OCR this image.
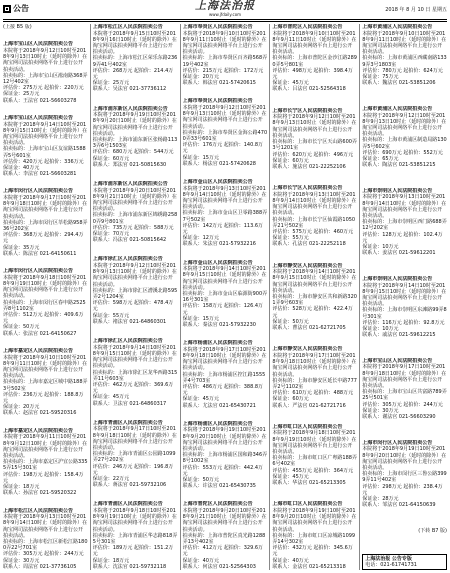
公告	上海法治报
www.jfdaily.com
2018 年 8 月 10 日 星期五
(上接 B5 版)
上海市宝山区人民法院拍卖公告

本院将于2018年9月12日10时至2018年9月13日10时止（延时的除外）在淘宝网司法拍卖网络平台上进行公开拍卖活动。

拍卖标的：上海市宝山区淞南路368弄12号402室

评估价：275万元 起拍价：220万元

保证金：25万元

联系人：王法官 021-56603278

上海市宝山区人民法院拍卖公告

本院将于2018年9月14日10时至2018年9月15日10时止（延时的除外）在淘宝网司法拍卖网络平台上进行公开拍卖活动。

拍卖标的：上海市宝山区友谊路1588弄5号601室

评估价：420万元 起拍价：336万元

保证金：40万元

联系人：李法官 021-56603281

上海市闵行区人民法院拍卖公告

本院将于2018年9月17日10时至2018年9月18日10时止（延时的除外）在淘宝网司法拍卖网络平台上进行公开拍卖活动。

拍卖标的：上海市闵行区莘松路958弄36号202室

评估价：368万元 起拍价：294.4万元

保证金：35万元

联系人：陈法官 021-64150611

上海市闵行区人民法院拍卖公告

本院将于2018年9月18日10时至2018年9月19日10时止（延时的除外）在淘宝网司法拍卖网络平台上进行公开拍卖活动。

拍卖标的：上海市闵行区春申路2525弄8号1102室

评估价：512万元 起拍价：409.6万元

保证金：50万元

联系人：张法官 021-64150627

上海市嘉定区人民法院拍卖公告

本院将于2018年9月10日10时至2018年9月11日10时止（延时的除外）在淘宝网司法拍卖网络平台上进行公开拍卖活动。

拍卖标的：上海市嘉定区城中路188弄3号502室

评估价：236万元 起拍价：188.8万元

保证金：20万元

联系人：赵法官 021-59520316

上海市嘉定区人民法院拍卖公告

本院将于2018年9月11日10时至2018年9月12日10时止（延时的除外）在淘宝网司法拍卖网络平台上进行公开拍卖活动。

拍卖标的：上海市嘉定区沪宜公路3355弄15号301室

评估价：198万元 起拍价：158.4万元

保证金：18万元

联系人：孙法官 021-59520322

上海市松江区人民法院拍卖公告

本院将于2018年9月13日10时至2018年9月14日10时止（延时的除外）在淘宝网司法拍卖网络平台上进行公开拍卖活动。

拍卖标的：上海市松江区新松江路1800弄22号701室

评估价：305万元 起拍价：244万元

保证金：30万元

联系人：周法官 021-37736105

上海市松江区人民法院拍卖公告

本院将于2018年9月15日10时至2018年9月16日10时止（延时的除外）在淘宝网司法拍卖网络平台上进行公开拍卖活动。

拍卖标的：上海市松江区荣乐东路2369弄41号402室

评估价：268万元 起拍价：214.4万元

保证金：25万元

联系人：吴法官 021-37736112

上海市浦东新区人民法院拍卖公告

本院将于2018年9月19日10时至2018年9月20日10时止（延时的除外）在淘宝网司法拍卖网络平台上进行公开拍卖活动。

拍卖标的：上海市浦东新区张杨路1133弄6号1503室

评估价：680万元 起拍价：544万元

保证金：60万元

联系人：郑法官 021-50815630

上海市浦东新区人民法院拍卖公告

本院将于2018年9月20日10时至2018年9月21日10时止（延时的除外）在淘宝网司法拍卖网络平台上进行公开拍卖活动。

拍卖标的：上海市浦东新区锦绣路2580弄9号801室

评估价：735万元 起拍价：588万元

保证金：70万元

联系人：冯法官 021-50815642

上海市徐汇区人民法院拍卖公告

本院将于2018年9月12日10时至2018年9月13日10时止（延时的除外）在淘宝网司法拍卖网络平台上进行公开拍卖活动。

拍卖标的：上海市徐汇区漕溪北路595弄2号1204室

评估价：598万元 起拍价：478.4万元

保证金：55万元

联系人：褚法官 021-64860301

上海市徐汇区人民法院拍卖公告

本院将于2018年9月14日10时至2018年9月15日10时止（延时的除外）在淘宝网司法拍卖网络平台上进行公开拍卖活动。

拍卖标的：上海市徐汇区龙华西路315弄11号603室

评估价：462万元 起拍价：369.6万元

保证金：45万元

联系人：卫法官 021-64860317

上海市青浦区人民法院拍卖公告

本院将于2018年9月17日10时至2018年9月18日10时止（延时的除外）在淘宝网司法拍卖网络平台上进行公开拍卖活动。

拍卖标的：上海市青浦区公园路1099弄27号202室

评估价：246万元 起拍价：196.8万元

保证金：22万元

联系人：蒋法官 021-59732106

上海市青浦区人民法院拍卖公告

本院将于2018年9月18日10时至2018年9月19日10时止（延时的除外）在淘宝网司法拍卖网络平台上进行公开拍卖活动。

拍卖标的：上海市青浦区华志路818弄5号301室

评估价：189万元 起拍价：151.2万元

保证金：18万元

联系人：沈法官 021-59732118

上海市奉贤区人民法院拍卖公告

本院将于2018年9月10日10时至2018年9月11日10时止（延时的除外）在淘宝网司法拍卖网络平台上进行公开拍卖活动。

拍卖标的：上海市奉贤区百齐路568弄19号402室

评估价：215万元 起拍价：172万元

保证金：20万元

联系人：韩法官 021-57420615

上海市奉贤区人民法院拍卖公告

本院将于2018年9月12日10时至2018年9月13日10时止（延时的除外）在淘宝网司法拍卖网络平台上进行公开拍卖活动。

拍卖标的：上海市奉贤区金海公路4700弄33号601室

评估价：176万元 起拍价：140.8万元

保证金：15万元

联系人：杨法官 021-57420628

上海市金山区人民法院拍卖公告

本院将于2018年9月13日10时至2018年9月14日10时止（延时的除外）在淘宝网司法拍卖网络平台上进行公开拍卖活动。

拍卖标的：上海市金山区卫零路388弄7号502室

评估价：142万元 起拍价：113.6万元

保证金：12万元

联系人：朱法官 021-57932216

上海市金山区人民法院拍卖公告

本院将于2018年9月14日10时至2018年9月15日10时止（延时的除外）在淘宝网司法拍卖网络平台上进行公开拍卖活动。

拍卖标的：上海市金山区临源街900弄16号301室

评估价：158万元 起拍价：126.4万元

保证金：15万元

联系人：秦法官 021-57932230

上海市杨浦区人民法院拍卖公告

本院将于2018年9月17日10时至2018年9月18日10时止（延时的除外）在淘宝网司法拍卖网络平台上进行公开拍卖活动。

拍卖标的：上海市杨浦区控江路1555弄4号703室

评估价：486万元 起拍价：388.8万元

保证金：45万元

联系人：尤法官 021-65430721

上海市杨浦区人民法院拍卖公告

本院将于2018年9月19日10时至2018年9月20日10时止（延时的除外）在淘宝网司法拍卖网络平台上进行公开拍卖活动。

拍卖标的：上海市杨浦区国和路346弄8号1002室

评估价：553万元 起拍价：442.4万元

保证金：50万元

联系人：许法官 021-65430735

上海市普陀区人民法院拍卖公告

本院将于2018年9月20日10时至2018年9月21日10时止（延时的除外）在淘宝网司法拍卖网络平台上进行公开拍卖活动。

拍卖标的：上海市普陀区真光路1288弄13号402室

评估价：412万元 起拍价：329.6万元

保证金：40万元

联系人：何法官 021-52564303

上海市普陀区人民法院拍卖公告

本院将于2018年9月10日10时至2018年9月11日10时止（延时的除外）在淘宝网司法拍卖网络平台上进行公开拍卖活动。

拍卖标的：上海市普陀区金沙江路2890弄5号801室

评估价：498万元 起拍价：398.4万元

保证金：45万元

联系人：吕法官 021-52564318

上海市长宁区人民法院拍卖公告

本院将于2018年9月12日10时至2018年9月13日10时止（延时的除外）在淘宝网司法拍卖网络平台上进行公开拍卖活动。

拍卖标的：上海市长宁区天山路600弄3号1201室

评估价：620万元 起拍价：496万元

保证金：60万元

联系人：施法官 021-22252106

上海市长宁区人民法院拍卖公告

本院将于2018年9月13日10时至2018年9月14日10时止（延时的除外）在淘宝网司法拍卖网络平台上进行公开拍卖活动。

拍卖标的：上海市长宁区仙霞路1050弄21号502室

评估价：575万元 起拍价：460万元

保证金：55万元

联系人：孔法官 021-22252118

上海市静安区人民法院拍卖公告

本院将于2018年9月14日10时至2018年9月15日10时止（延时的除外）在淘宝网司法拍卖网络平台上进行公开拍卖活动。

拍卖标的：上海市静安区共和新路3201弄9号603室

评估价：528万元 起拍价：422.4万元

保证金：50万元

联系人：曹法官 021-62721705

上海市静安区人民法院拍卖公告

本院将于2018年9月17日10时至2018年9月18日10时止（延时的除外）在淘宝网司法拍卖网络平台上进行公开拍卖活动。

拍卖标的：上海市静安区延长中路777弄2号1102室

评估价：610万元 起拍价：488万元

保证金：60万元

联系人：严法官 021-62721716

上海市虹口区人民法院拍卖公告

本院将于2018年9月18日10时至2018年9月19日10时止（延时的除外）在淘宝网司法拍卖网络平台上进行公开拍卖活动。

拍卖标的：上海市虹口区广粤路188弄6号402室

评估价：455万元 起拍价：364万元

保证金：45万元

联系人：华法官 021-65213305

上海市虹口区人民法院拍卖公告

本院将于2018年9月19日10时至2018年9月20日10时止（延时的除外）在淘宝网司法拍卖网络平台上进行公开拍卖活动。

拍卖标的：上海市虹口区凉城路1099弄14号302室

评估价：432万元 起拍价：345.6万元

保证金：40万元

联系人：金法官 021-65213318

上海市黄浦区人民法院拍卖公告

本院将于2018年9月10日10时至2018年9月11日10时止（延时的除外）在淘宝网司法拍卖网络平台上进行公开拍卖活动。

拍卖标的：上海市黄浦区西藏南路1339弄3号1803室

评估价：780万元 起拍价：624万元

保证金：75万元

联系人：魏法官 021-53851206

上海市黄浦区人民法院拍卖公告

本院将于2018年9月12日10时至2018年9月13日10时止（延时的除外）在淘宝网司法拍卖网络平台上进行公开拍卖活动。

拍卖标的：上海市黄浦区制造局路130弄5号602室

评估价：690万元 起拍价：552万元

保证金：65万元

联系人：陶法官 021-53851215

上海市崇明区人民法院拍卖公告

本院将于2018年9月13日10时至2018年9月14日10时止（延时的除外）在淘宝网司法拍卖网络平台上进行公开拍卖活动。

拍卖标的：上海市崇明区西门路688弄12号202室

评估价：128万元 起拍价：102.4万元

保证金：10万元

联系人：姜法官 021-59612201

上海市崇明区人民法院拍卖公告

本院将于2018年9月14日10时至2018年9月15日10时止（延时的除外）在淘宝网司法拍卖网络平台上进行公开拍卖活动。

拍卖标的：上海市崇明区东滩路99弄8号301室

评估价：116万元 起拍价：92.8万元

保证金：10万元

联系人：戚法官 021-59612215

上海市宝山区人民法院拍卖公告

本院将于2018年9月17日10时至2018年9月18日10时止（延时的除外）在淘宝网司法拍卖网络平台上进行公开拍卖活动。

拍卖标的：上海市宝山区共富路789弄25号501室

评估价：305万元 起拍价：244万元

保证金：30万元

联系人：谢法官 021-56603290

上海市闵行区人民法院拍卖公告

本院将于2018年9月19日10时至2018年9月20日10时止（延时的除外）在淘宝网司法拍卖网络平台上进行公开拍卖活动。

拍卖标的：上海市闵行区三鲁公路3999弄11号402室

评估价：298万元 起拍价：238.4万元

保证金：28万元

联系人：邹法官 021-64150639

(下转 B7 版)

上海法治报 公告专版

电话：021-61741731
